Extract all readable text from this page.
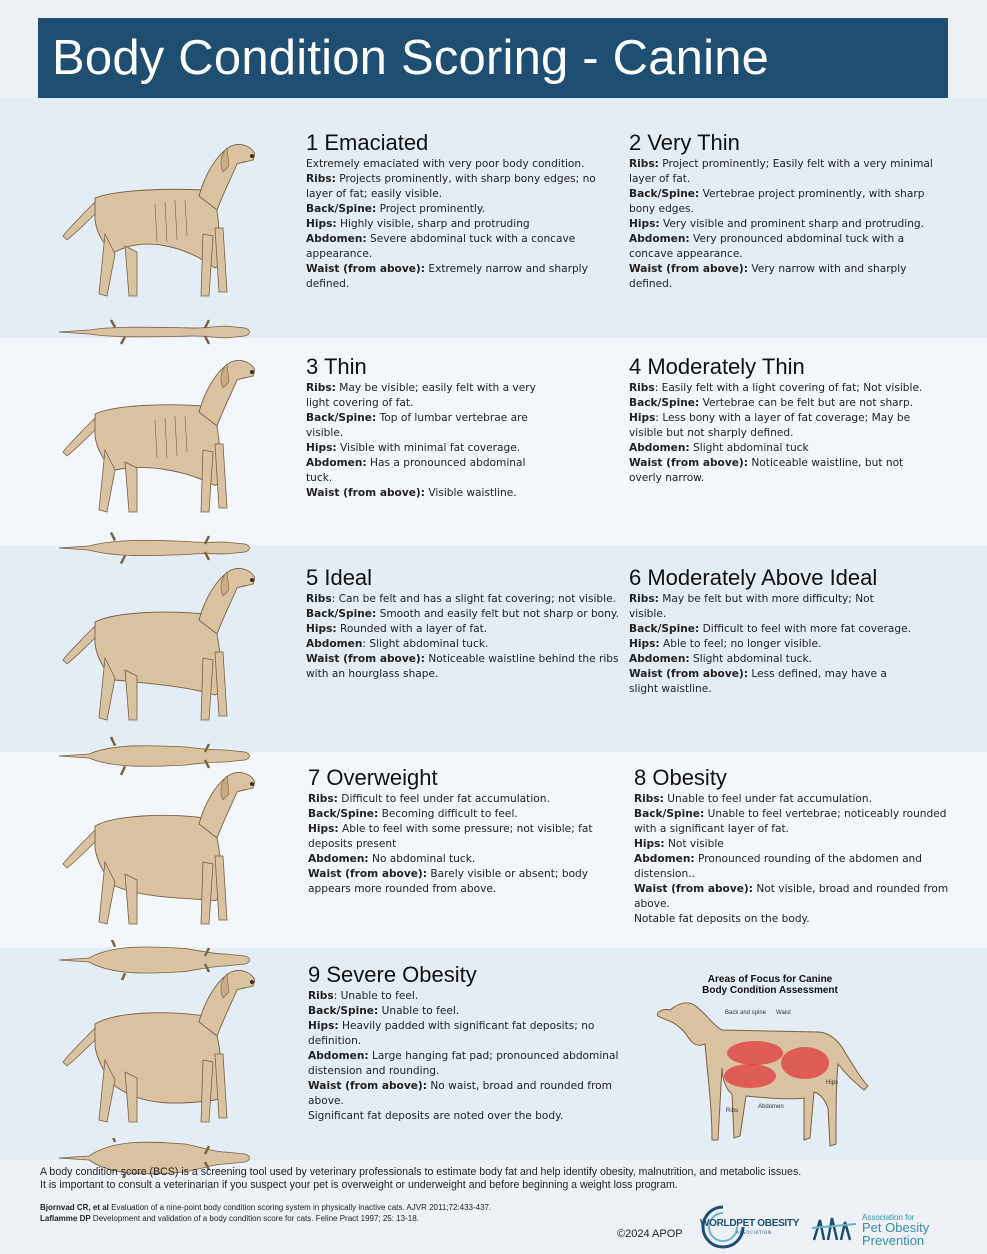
Body Condition Scoring - Canine
1 Emaciated

Extremely emaciated with very poor body condition.

Ribs: Projects prominently, with sharp bony edges; no layer of fat; easily visible.

Back/Spine: Project prominently.

Hips: Highly visible, sharp and protruding

Abdomen: Severe abdominal tuck with a concave appearance.

Waist (from above): Extremely narrow and sharply defined.

2 Very Thin

Ribs: Project prominently; Easily felt with a very minimal layer of fat.

Back/Spine: Vertebrae project prominently, with sharp bony edges.

Hips: Very visible and prominent sharp and protruding.

Abdomen: Very pronounced abdominal tuck with a concave appearance.

Waist (from above): Very narrow with and sharply defined.

3 Thin

Ribs: May be visible; easily felt with a very light covering of fat.

Back/Spine: Top of lumbar vertebrae are visible.

Hips: Visible with minimal fat coverage.

Abdomen: Has a pronounced abdominal tuck.

Waist (from above): Visible waistline.

4 Moderately Thin

Ribs: Easily felt with a light covering of fat; Not visible.

Back/Spine: Vertebrae can be felt but are not sharp.

Hips: Less bony with a layer of fat coverage; May be visible but not sharply defined.

Abdomen: Slight abdominal tuck

Waist (from above): Noticeable waistline, but not overly narrow.

5 Ideal

Ribs: Can be felt and has a slight fat covering; not visible.

Back/Spine: Smooth and easily felt but not sharp or bony.

Hips: Rounded with a layer of fat.

Abdomen: Slight abdominal tuck.

Waist (from above): Noticeable waistline behind the ribs with an hourglass shape.

6 Moderately Above Ideal

Ribs: May be felt but with more difficulty; Not visible.

Back/Spine: Difficult to feel with more fat coverage.

Hips: Able to feel; no longer visible.

Abdomen: Slight abdominal tuck.

Waist (from above): Less defined, may have a slight waistline.

7 Overweight

Ribs: Difficult to feel under fat accumulation.

Back/Spine: Becoming difficult to feel.

Hips: Able to feel with some pressure; not visible; fat deposits present

Abdomen: No abdominal tuck.

Waist (from above): Barely visible or absent; body appears more rounded from above.

8 Obesity

Ribs: Unable to feel under fat accumulation.

Back/Spine: Unable to feel vertebrae; noticeably rounded with a significant layer of fat.

Hips: Not visible

Abdomen: Pronounced rounding of the abdomen and distension..

Waist (from above): Not visible, broad and rounded from above.

Notable fat deposits on the body.

9 Severe Obesity

Ribs: Unable to feel.

Back/Spine: Unable to feel.

Hips: Heavily padded with significant fat deposits; no definition.

Abdomen: Large hanging fat pad; pronounced abdominal distension and rounding.

Waist (from above): No waist, broad and rounded from above.

Significant fat deposits are noted over the body.

Areas of Focus for Canine
Body Condition Assessment
Back and spine Waist
Hips
Ribs
Abdomen
A body condition score (BCS) is a screening tool used by veterinary professionals to estimate body fat and help identify obesity, malnutrition, and metabolic issues.
It is important to consult a veterinarian if you suspect your pet is overweight or underweight and before beginning a weight loss program.
Bjornvad CR, et al Evaluation of a nine-point body condition scoring system in physically inactive cats. AJVR 2011;72:433-437.
Laflamme DP Development and validation of a body condition score for cats. Feline Pract 1997; 25: 13-18.
©2024 APOP
WORLDPET OBESITY
ASSOCIATION
Association for
Pet Obesity Prevention
